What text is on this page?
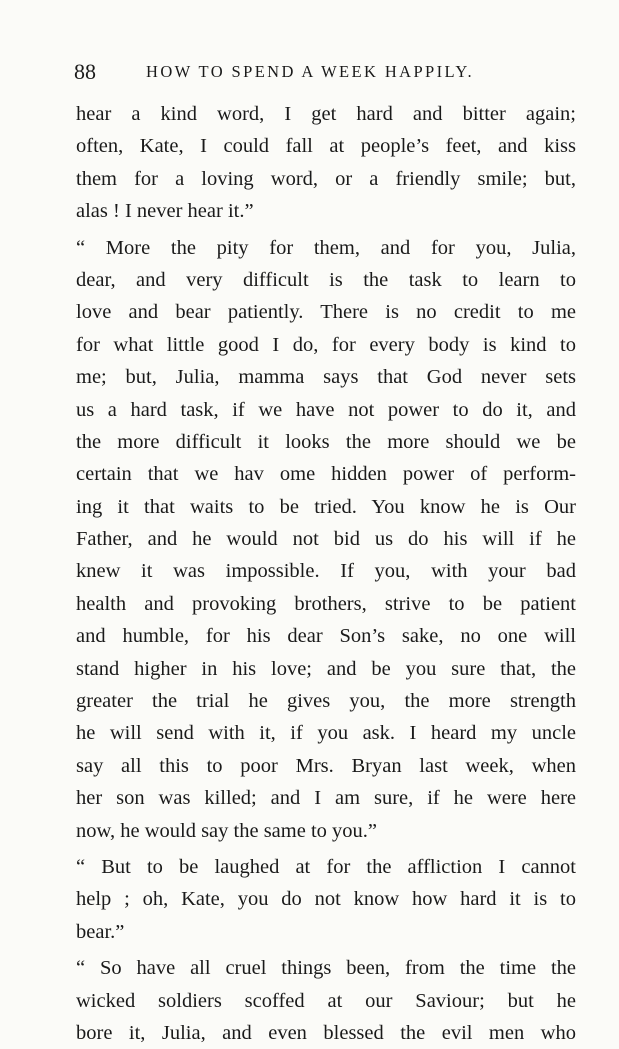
88	HOW TO SPEND A WEEK HAPPILY.
hear a kind word, I get hard and bitter again;
often, Kate, I could fall at people’s feet, and kiss
them for a loving word, or a friendly smile; but,
alas ! I never hear it.”
“ More the pity for them, and for you, Julia,
dear, and very difficult is the task to learn to
love and bear patiently. There is no credit to me
for what little good I do, for every body is kind to
me; but, Julia, mamma says that God never sets
us a hard task, if we have not power to do it, and
the more difficult it looks the more should we be
certain that we hav ome hidden power of perform-
ing it that waits to be tried. You know he is Our
Father, and he would not bid us do his will if he
knew it was impossible. If you, with your bad
health and provoking brothers, strive to be patient
and humble, for his dear Son’s sake, no one will
stand higher in his love; and be you sure that, the
greater the trial he gives you, the more strength
he will send with it, if you ask. I heard my uncle
say all this to poor Mrs. Bryan last week, when
her son was killed; and I am sure, if he were here
now, he would say the same to you.”
“ But to be laughed at for the affliction I cannot
help ; oh, Kate, you do not know how hard it is to
bear.”
“ So have all cruel things been, from the time the
wicked soldiers scoffed at our Saviour; but he
bore it, Julia, and even blessed the evil men who
